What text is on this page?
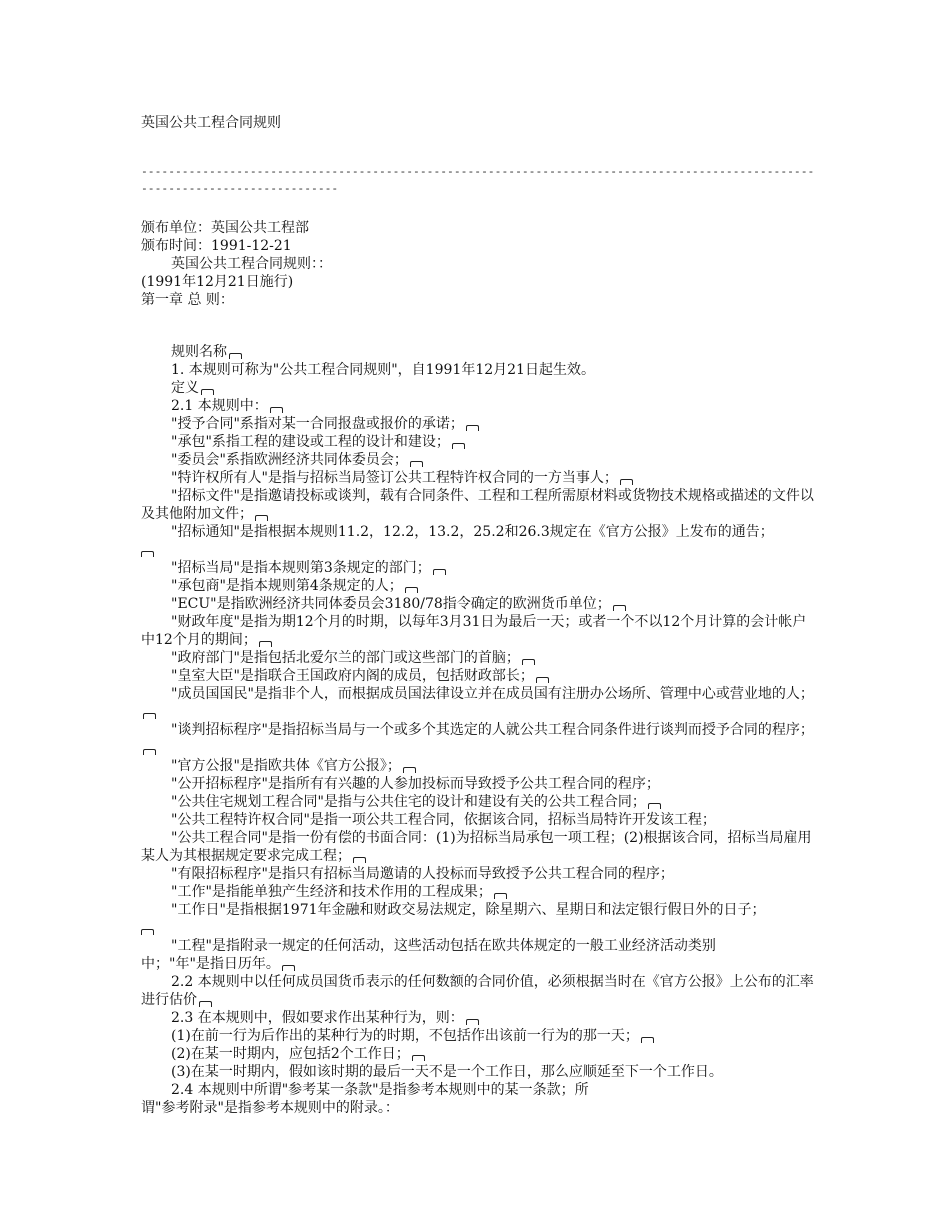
英国公共工程合同规则
--------------------------------------------------------------------------------------------------------------------------------
颁布单位：英国公共工程部
颁布时间：1991-12-21
英国公共工程合同规则：：
(1991年12月21日施行)
第一章 总 则：

规则名称

1. 本规则可称为"公共工程合同规则"，自1991年12月21日起生效。

定义

2.1 本规则中：

"授予合同"系指对某一合同报盘或报价的承诺；

"承包"系指工程的建设或工程的设计和建设；

"委员会"系指欧洲经济共同体委员会；

"特许权所有人"是指与招标当局签订公共工程特许权合同的一方当事人；

"招标文件"是指邀请投标或谈判，载有合同条件、工程和工程所需原材料或货物技术规格或描述的文件以及其他附加文件；

"招标通知"是指根据本规则11.2，12.2，13.2，25.2和26.3规定在《官方公报》上发布的通告；

"招标当局"是指本规则第3条规定的部门；

"承包商"是指本规则第4条规定的人；

"ECU"是指欧洲经济共同体委员会3180/78指令确定的欧洲货币单位；

"财政年度"是指为期12个月的时期，以每年3月31日为最后一天；或者一个不以12个月计算的会计帐户中12个月的期间；

"政府部门"是指包括北爱尔兰的部门或这些部门的首脑；

"皇室大臣"是指联合王国政府内阁的成员，包括财政部长；

"成员国国民"是指非个人，而根据成员国法律设立并在成员国有注册办公场所、管理中心或营业地的人；

"谈判招标程序"是指招标当局与一个或多个其选定的人就公共工程合同条件进行谈判而授予合同的程序；

"官方公报"是指欧共体《官方公报》；

"公开招标程序"是指所有有兴趣的人参加投标而导致授予公共工程合同的程序；

"公共住宅规划工程合同"是指与公共住宅的设计和建设有关的公共工程合同；

"公共工程特许权合同"是指一项公共工程合同，依据该合同，招标当局特许开发该工程；

"公共工程合同"是指一份有偿的书面合同：(1)为招标当局承包一项工程；(2)根据该合同，招标当局雇用某人为其根据规定要求完成工程；

"有限招标程序"是指只有招标当局邀请的人投标而导致授予公共工程合同的程序；

"工作"是指能单独产生经济和技术作用的工程成果；

"工作日"是指根据1971年金融和财政交易法规定，除星期六、星期日和法定银行假日外的日子；

"工程"是指附录一规定的任何活动，这些活动包括在欧共体规定的一般工业经济活动类别

中；"年"是指日历年。

2.2 本规则中以任何成员国货币表示的任何数额的合同价值，必须根据当时在《官方公报》上公布的汇率进行估价

2.3 在本规则中，假如要求作出某种行为，则：

(1)在前一行为后作出的某种行为的时期，不包括作出该前一行为的那一天；

(2)在某一时期内，应包括2个工作日；

(3)在某一时期内，假如该时期的最后一天不是一个工作日，那么应顺延至下一个工作日。

2.4 本规则中所谓"参考某一条款"是指参考本规则中的某一条款；所

谓"参考附录"是指参考本规则中的附录。：
